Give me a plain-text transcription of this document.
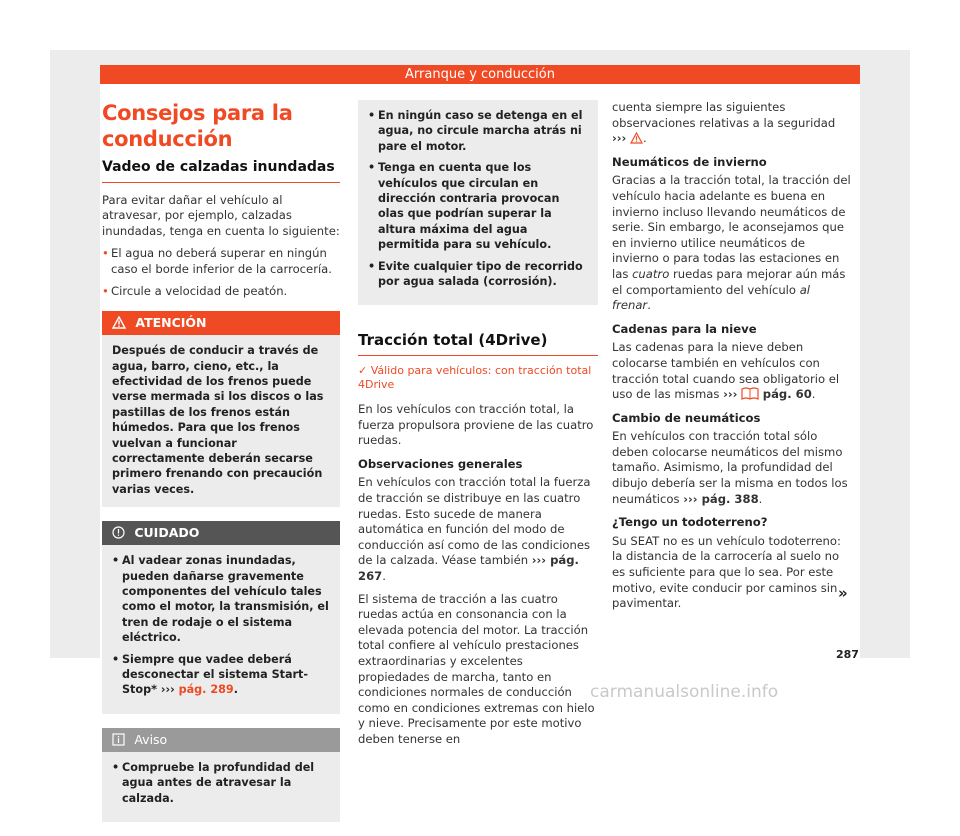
Arranque y conducción
Consejos para la conducción
Vadeo de calzadas inundadas

Para evitar dañar el vehículo al atravesar, por ejemplo, calzadas inundadas, tenga en cuenta lo siguiente:

• El agua no deberá superar en ningún caso el borde inferior de la carrocería.
• Circule a velocidad de peatón.
ATENCIÓN
Después de conducir a través de agua, barro, cieno, etc., la efectividad de los frenos puede verse mermada si los discos o las pastillas de los frenos están húmedos. Para que los frenos vuelvan a funcionar correctamente deberán secarse primero frenando con precaución varias veces.
CUIDADO
• Al vadear zonas inundadas, pueden dañarse gravemente componentes del vehículo tales como el motor, la transmisión, el tren de rodaje o el sistema eléctrico.
• Siempre que vadee deberá desconectar el sistema Start-Stop* ››› pág. 289.
Aviso
• Compruebe la profundidad del agua antes de atravesar la calzada.
• En ningún caso se detenga en el agua, no circule marcha atrás ni pare el motor.
• Tenga en cuenta que los vehículos que circulan en dirección contraria provocan olas que podrían superar la altura máxima del agua permitida para su vehículo.
• Evite cualquier tipo de recorrido por agua salada (corrosión).
Tracción total (4Drive)
✓ Válido para vehículos: con tracción total 4Drive

En los vehículos con tracción total, la fuerza propulsora proviene de las cuatro ruedas.

Observaciones generales

En vehículos con tracción total la fuerza de tracción se distribuye en las cuatro ruedas. Esto sucede de manera automática en función del modo de conducción así como de las condiciones de la calzada. Véase también ››› pág. 267.

El sistema de tracción a las cuatro ruedas actúa en consonancia con la elevada potencia del motor. La tracción total confiere al vehículo prestaciones extraordinarias y excelentes propiedades de marcha, tanto en condiciones normales de conducción como en condiciones extremas con hielo y nieve. Precisamente por este motivo deben tenerse en

cuenta siempre las siguientes observaciones relativas a la seguridad ››› .

Neumáticos de invierno

Gracias a la tracción total, la tracción del vehículo hacia adelante es buena en invierno incluso llevando neumáticos de serie. Sin embargo, le aconsejamos que en invierno utilice neumáticos de invierno o para todas las estaciones en las cuatro ruedas para mejorar aún más el comportamiento del vehículo al frenar.

Cadenas para la nieve

Las cadenas para la nieve deben colocarse también en vehículos con tracción total cuando sea obligatorio el uso de las mismas ››› pág. 60.

Cambio de neumáticos

En vehículos con tracción total sólo deben colocarse neumáticos del mismo tamaño. Asimismo, la profundidad del dibujo debería ser la misma en todos los neumáticos ››› pág. 388.

¿Tengo un todoterreno?

Su SEAT no es un vehículo todoterreno: la distancia de la carrocería al suelo no es suficiente para que lo sea. Por este motivo, evite conducir por caminos sin pavimentar.

»
287
carmanualsonline.info
